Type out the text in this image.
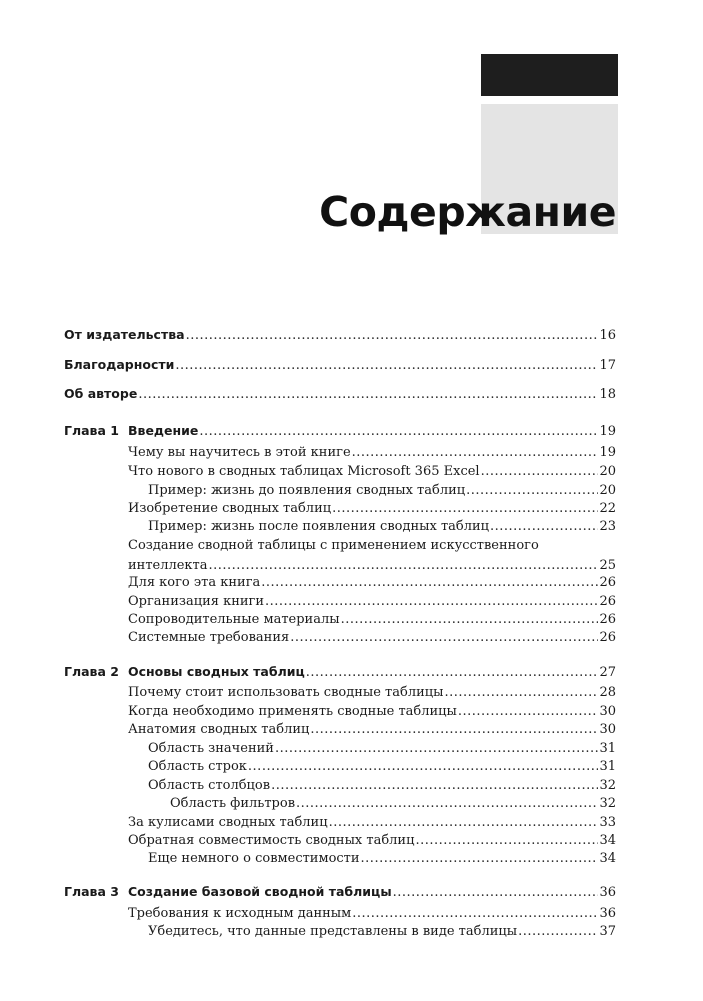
Содержание
От издательства .....	16
Благодарности .....	17
Об авторе .....	18
Глава 1 Введение .....	19
Чему вы научитесь в этой книге .....	19
Что нового в сводных таблицах Microsoft 365 Excel .....	20
Пример: жизнь до появления сводных таблиц .....	20
Изобретение сводных таблиц .....	22
Пример: жизнь после появления сводных таблиц .....	23
Создание сводной таблицы с применением искусственного
интеллекта .....	25
Для кого эта книга .....	26
Организация книги .....	26
Сопроводительные материалы .....	26
Системные требования .....	26
Глава 2 Основы сводных таблиц .....	27
Почему стоит использовать сводные таблицы .....	28
Когда необходимо применять сводные таблицы .....	30
Анатомия сводных таблиц .....	30
Область значений .....	31
Область строк .....	31
Область столбцов .....	32
Область фильтров .....	32
За кулисами сводных таблиц .....	33
Обратная совместимость сводных таблиц .....	34
Еще немного о совместимости .....	34
Глава 3 Создание базовой сводной таблицы .....	36
Требования к исходным данным .....	36
Убедитесь, что данные представлены в виде таблицы .....	37
